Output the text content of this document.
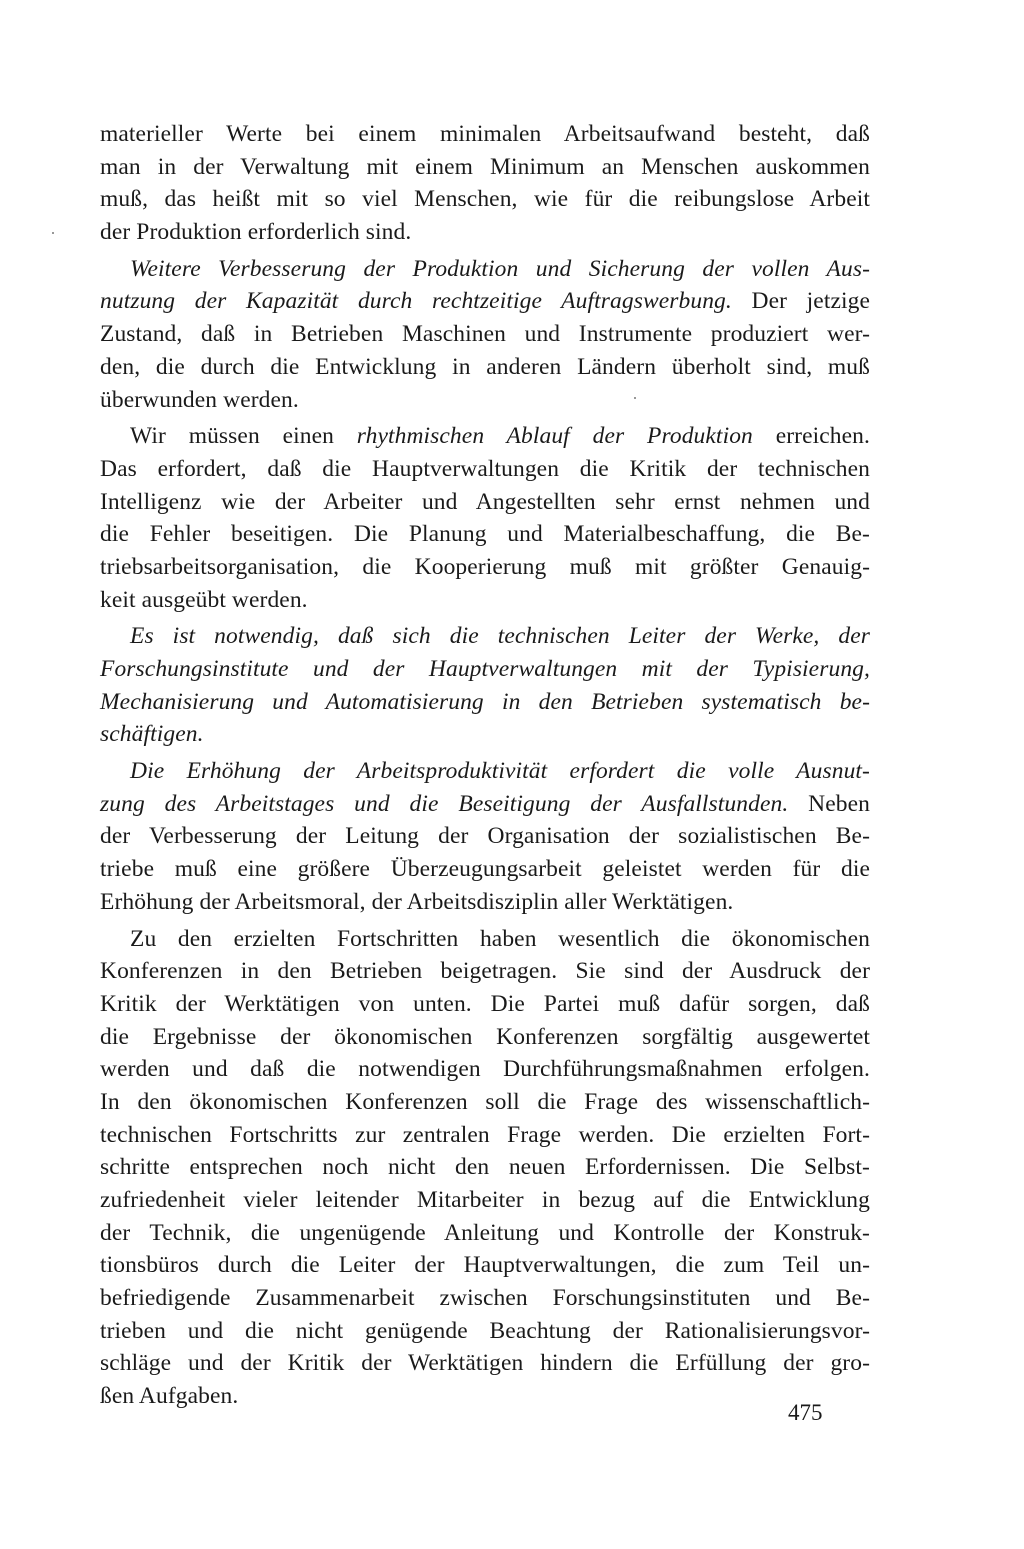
materieller Werte bei einem minimalen Arbeitsaufwand besteht, daß
man in der Verwaltung mit einem Minimum an Menschen auskommen
muß, das heißt mit so viel Menschen, wie für die reibungslose Arbeit
der Produktion erforderlich sind.
Weitere Verbesserung der Produktion und Sicherung der vollen Aus-
nutzung der Kapazität durch rechtzeitige Auftragswerbung. Der jetzige
Zustand, daß in Betrieben Maschinen und Instrumente produziert wer-
den, die durch die Entwicklung in anderen Ländern überholt sind, muß
überwunden werden.
Wir müssen einen rhythmischen Ablauf der Produktion erreichen.
Das erfordert, daß die Hauptverwaltungen die Kritik der technischen
Intelligenz wie der Arbeiter und Angestellten sehr ernst nehmen und
die Fehler beseitigen. Die Planung und Materialbeschaffung, die Be-
triebsarbeitsorganisation, die Kooperierung muß mit größter Genauig-
keit ausgeübt werden.
Es ist notwendig, daß sich die technischen Leiter der Werke, der
Forschungsinstitute und der Hauptverwaltungen mit der Typisierung,
Mechanisierung und Automatisierung in den Betrieben systematisch be-
schäftigen.
Die Erhöhung der Arbeitsproduktivität erfordert die volle Ausnut-
zung des Arbeitstages und die Beseitigung der Ausfallstunden. Neben
der Verbesserung der Leitung der Organisation der sozialistischen Be-
triebe muß eine größere Überzeugungsarbeit geleistet werden für die
Erhöhung der Arbeitsmoral, der Arbeitsdisziplin aller Werktätigen.
Zu den erzielten Fortschritten haben wesentlich die ökonomischen
Konferenzen in den Betrieben beigetragen. Sie sind der Ausdruck der
Kritik der Werktätigen von unten. Die Partei muß dafür sorgen, daß
die Ergebnisse der ökonomischen Konferenzen sorgfältig ausgewertet
werden und daß die notwendigen Durchführungsmaßnahmen erfolgen.
In den ökonomischen Konferenzen soll die Frage des wissenschaftlich-
technischen Fortschritts zur zentralen Frage werden. Die erzielten Fort-
schritte entsprechen noch nicht den neuen Erfordernissen. Die Selbst-
zufriedenheit vieler leitender Mitarbeiter in bezug auf die Entwicklung
der Technik, die ungenügende Anleitung und Kontrolle der Konstruk-
tionsbüros durch die Leiter der Hauptverwaltungen, die zum Teil un-
befriedigende Zusammenarbeit zwischen Forschungsinstituten und Be-
trieben und die nicht genügende Beachtung der Rationalisierungsvor-
schläge und der Kritik der Werktätigen hindern die Erfüllung der gro-
ßen Aufgaben.
475
